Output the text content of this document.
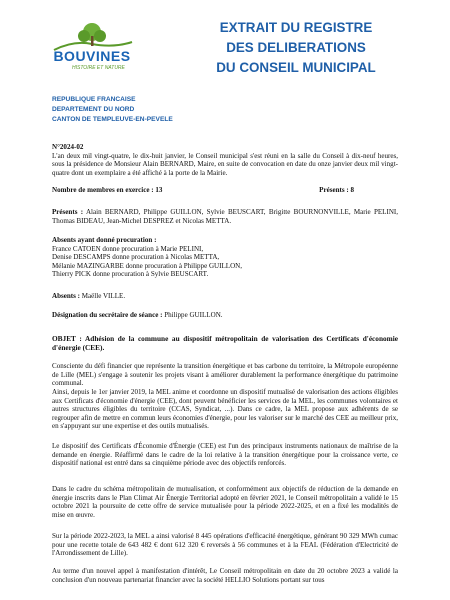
BOUVINES
HISTOIRE ET NATURE
EXTRAIT DU REGISTRE
DES DELIBERATIONS
DU CONSEIL MUNICIPAL
REPUBLIQUE FRANCAISE
DEPARTEMENT DU NORD
CANTON DE TEMPLEUVE-EN-PEVELE

N°2024-02

L'an deux mil vingt-quatre, le dix-huit janvier, le Conseil municipal s'est réuni en la salle du Conseil à dix-neuf heures, sous la présidence de Monsieur Alain BERNARD, Maire, en suite de convocation en date du onze janvier deux mil vingt-quatre dont un exemplaire a été affiché à la porte de la Mairie.

Nombre de membres en exercice : 13	Présents : 8
Présents : Alain BERNARD, Philippe GUILLON, Sylvie BEUSCART, Brigitte BOURNONVILLE, Marie PELINI, Thomas BIDEAU, Jean-Michel DESPREZ et Nicolas METTA.

Absents ayant donné procuration :

France CATOEN donne procuration à Marie PELINI,

Denise DESCAMPS donne procuration à Nicolas METTA,

Mélanie MAZINGARBE donne procuration à Philippe GUILLON,

Thierry PICK donne procuration à Sylvie BEUSCART.

Absents : Maëlle VILLE.
Désignation du secrétaire de séance : Philippe GUILLON.
OBJET : Adhésion de la commune au dispositif métropolitain de valorisation des Certificats d'économie d'énergie (CEE).
Consciente du défi financier que représente la transition énergétique et bas carbone du territoire, la Métropole européenne de Lille (MEL) s'engage à soutenir les projets visant à améliorer durablement la performance énergétique du patrimoine communal.
Ainsi, depuis le 1er janvier 2019, la MEL anime et coordonne un dispositif mutualisé de valorisation des actions éligibles aux Certificats d'économie d'énergie (CEE), dont peuvent bénéficier les services de la MEL, les communes volontaires et autres structures éligibles du territoire (CCAS, Syndicat, ...). Dans ce cadre, la MEL propose aux adhérents de se regrouper afin de mettre en commun leurs économies d'énergie, pour les valoriser sur le marché des CEE au meilleur prix, en s'appuyant sur une expertise et des outils mutualisés.
Le dispositif des Certificats d'Économie d'Énergie (CEE) est l'un des principaux instruments nationaux de maîtrise de la demande en énergie. Réaffirmé dans le cadre de la loi relative à la transition énergétique pour la croissance verte, ce dispositif national est entré dans sa cinquième période avec des objectifs renforcés.
Dans le cadre du schéma métropolitain de mutualisation, et conformément aux objectifs de réduction de la demande en énergie inscrits dans le Plan Climat Air Énergie Territorial adopté en février 2021, le Conseil métropolitain a validé le 15 octobre 2021 la poursuite de cette offre de service mutualisée pour la période 2022-2025, et en a fixé les modalités de mise en œuvre.
Sur la période 2022-2023, la MEL a ainsi valorisé 8 445 opérations d'efficacité énergétique, générant 90 329 MWh cumac pour une recette totale de 643 482 € dont 612 320 € reversés à 56 communes et à la FEAL (Fédération d'Electricité de l'Arrondissement de Lille).
Au terme d'un nouvel appel à manifestation d'intérêt, Le Conseil métropolitain en date du 20 octobre 2023 a validé la conclusion d'un nouveau partenariat financier avec la société HELLIO Solutions portant sur tous
